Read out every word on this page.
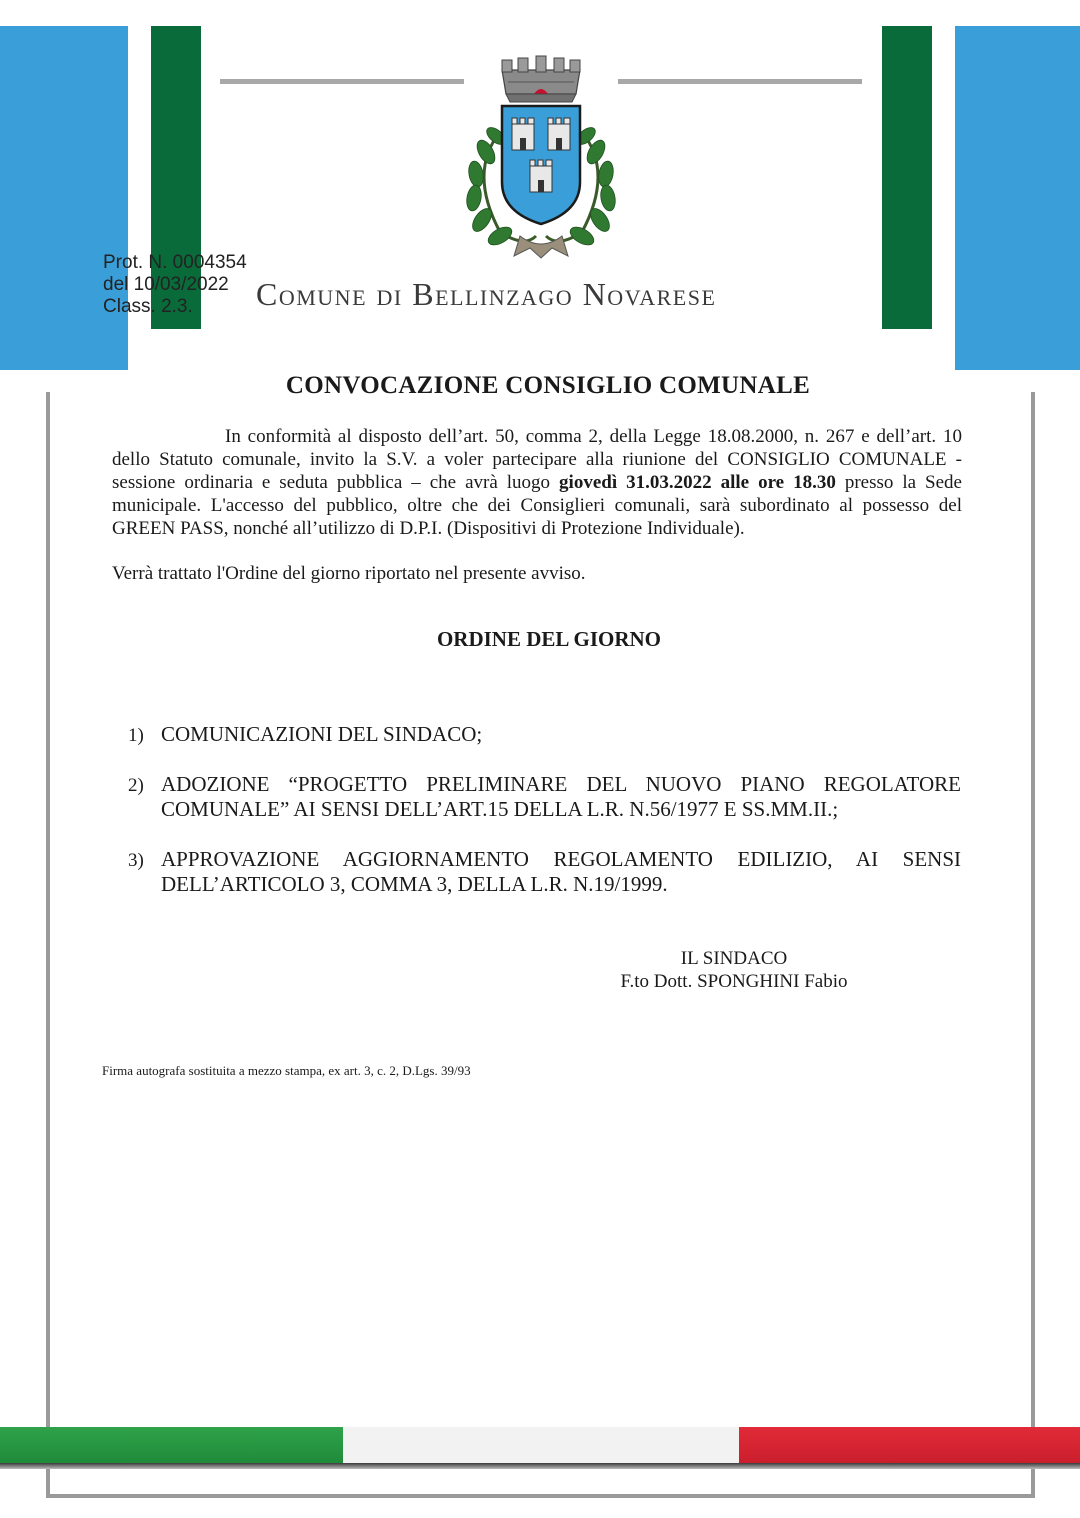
Prot. N. 0004354
del 10/03/2022
Class. 2.3.	Comune di Bellinzago Novarese
CONVOCAZIONE CONSIGLIO COMUNALE
In conformità al disposto dell’art. 50, comma 2, della Legge 18.08.2000, n. 267 e dell’art. 10 dello Statuto comunale, invito la S.V. a voler partecipare alla riunione del CONSIGLIO COMUNALE - sessione ordinaria e seduta pubblica – che avrà luogo giovedì 31.03.2022 alle ore 18.30 presso la Sede municipale. L'accesso del pubblico, oltre che dei Consiglieri comunali, sarà subordinato al possesso del GREEN PASS, nonché all’utilizzo di D.P.I. (Dispositivi di Protezione Individuale).
Verrà trattato l'Ordine del giorno riportato nel presente avviso.
ORDINE DEL GIORNO
1) COMUNICAZIONI DEL SINDACO;
2) ADOZIONE “PROGETTO PRELIMINARE DEL NUOVO PIANO REGOLATORE COMUNALE” AI SENSI DELL’ART.15 DELLA L.R. N.56/1977 E SS.MM.II.;
3) APPROVAZIONE AGGIORNAMENTO REGOLAMENTO EDILIZIO, AI SENSI DELL’ARTICOLO 3, COMMA 3, DELLA L.R. N.19/1999.
IL SINDACO
F.to Dott. SPONGHINI Fabio
Firma autografa sostituita a mezzo stampa, ex art. 3, c. 2, D.Lgs. 39/93
